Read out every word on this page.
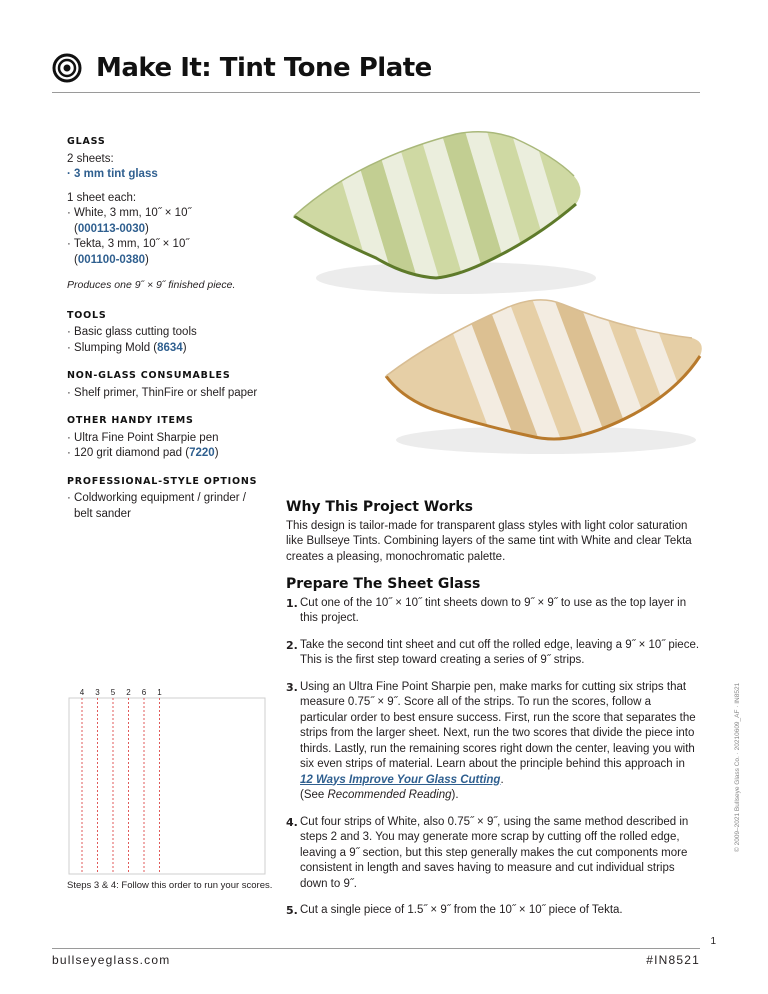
Make It: Tint Tone Plate
GLASS
2 sheets:
· 3 mm tint glass
1 sheet each:
· White, 3 mm, 10˝ × 10˝
(000113-0030)
· Tekta, 3 mm, 10˝ × 10˝
(001100-0380)
Produces one 9˝ × 9˝ finished piece.
TOOLS
· Basic glass cutting tools
· Slumping Mold (8634)
NON-GLASS CONSUMABLES
· Shelf primer, ThinFire or shelf paper
OTHER HANDY ITEMS
· Ultra Fine Point Sharpie pen
· 120 grit diamond pad (7220)
PROFESSIONAL-STYLE OPTIONS
· Coldworking equipment / grinder /
belt sander
4 3 5 2 6 1
Steps 3 & 4: Follow this order to run your scores.
Why This Project Works
This design is tailor-made for transparent glass styles with light color saturation like Bullseye Tints. Combining layers of the same tint with White and clear Tekta creates a pleasing, monochromatic palette.
Prepare The Sheet Glass
1. Cut one of the 10˝ × 10˝ tint sheets down to 9˝ × 9˝ to use as the top layer in this project.
2. Take the second tint sheet and cut off the rolled edge, leaving a 9˝ × 10˝ piece. This is the first step toward creating a series of 9˝ strips.
3. Using an Ultra Fine Point Sharpie pen, make marks for cutting six strips that measure 0.75˝ × 9˝. Score all of the strips. To run the scores, follow a particular order to best ensure success. First, run the score that separates the strips from the larger sheet. Next, run the two scores that divide the piece into thirds. Lastly, run the remaining scores right down the center, leaving you with six even strips of material. Learn about the principle behind this approach in 12 Ways Improve Your Glass Cutting.
(See Recommended Reading).
4. Cut four strips of White, also 0.75˝ × 9˝, using the same method described in steps 2 and 3. You may generate more scrap by cutting off the rolled edge, leaving a 9˝ section, but this step generally makes the cut components more consistent in length and saves having to measure and cut individual strips down to 9˝.
5. Cut a single piece of 1.5˝ × 9˝ from the 10˝ × 10˝ piece of Tekta.
© 2009–2021 Bullseye Glass Co. · 20210609_AF · IN8521
1
bullseyeglass.com	#IN8521
